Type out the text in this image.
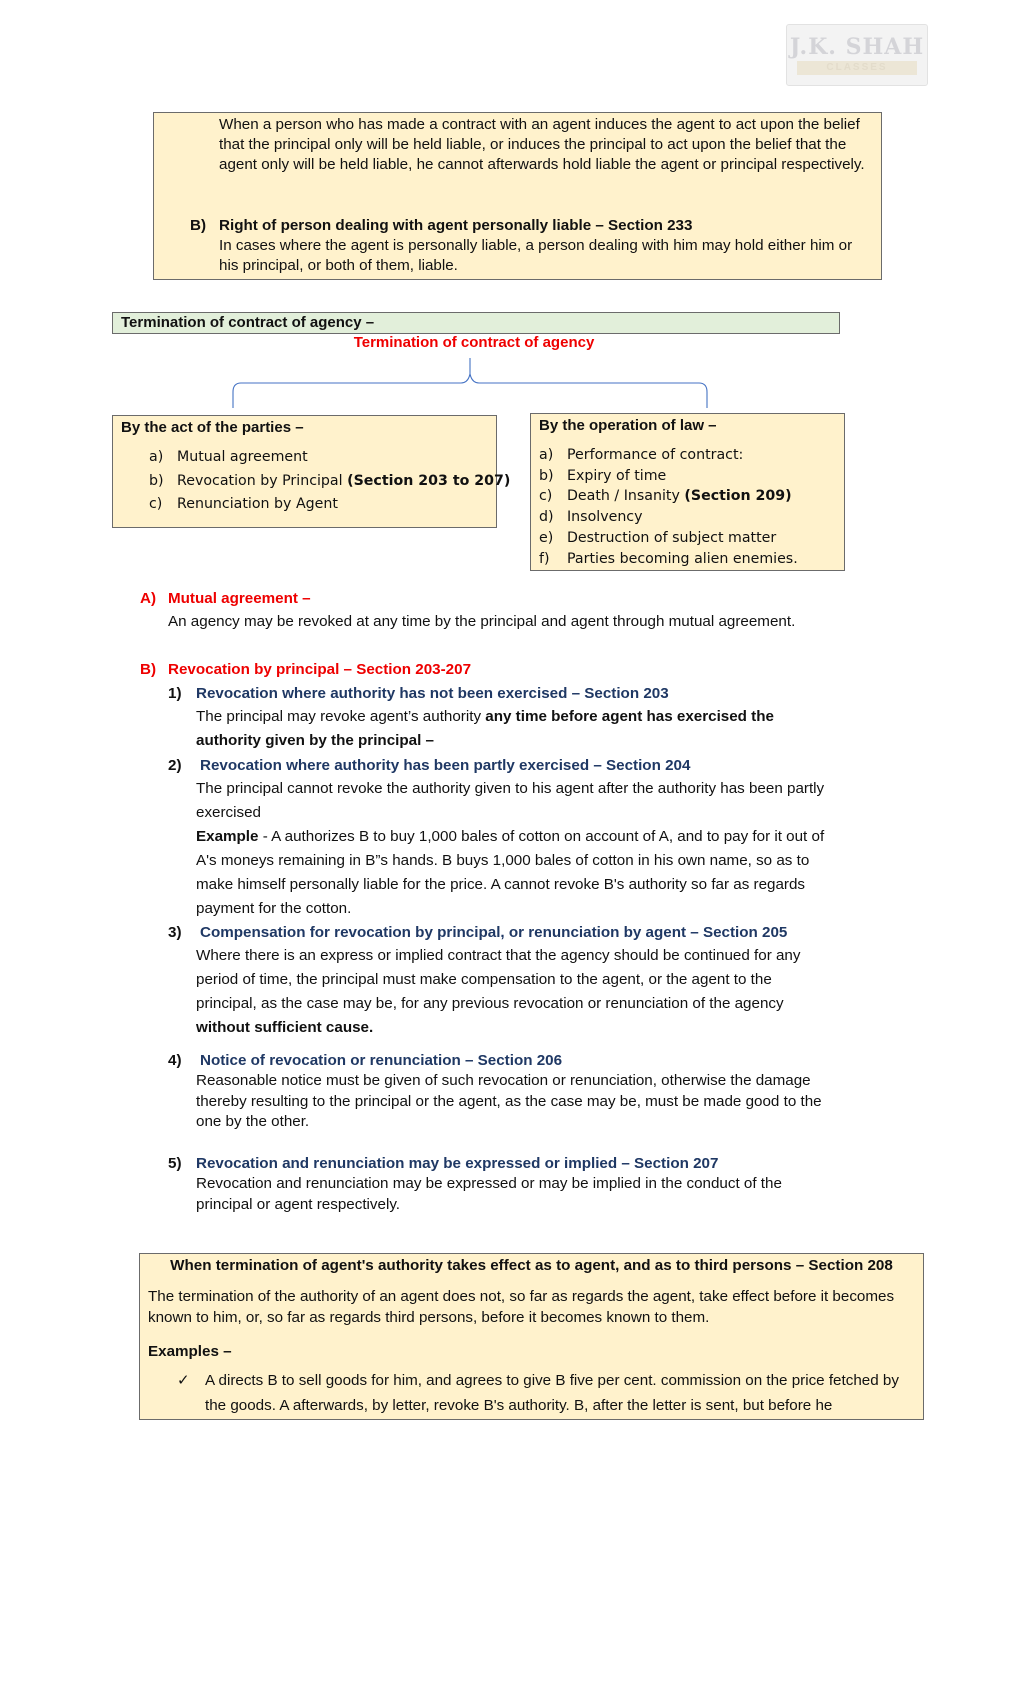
J.K. SHAH
CLASSES
When a person who has made a contract with an agent induces the agent to act upon the belief that the principal only will be held liable, or induces the principal to act upon the belief that the agent only will be held liable, he cannot afterwards hold liable the agent or principal respectively.
B) Right of person dealing with agent personally liable – Section 233
In cases where the agent is personally liable, a person dealing with him may hold either him or his principal, or both of them, liable.
Termination of contract of agency –
Termination of contract of agency
By the act of the parties –
a) Mutual agreement
b) Revocation by Principal (Section 203 to 207)
c) Renunciation by Agent
By the operation of law –
a) Performance of contract:
b) Expiry of time
c) Death / Insanity (Section 209)
d) Insolvency
e) Destruction of subject matter
f) Parties becoming alien enemies.
A) Mutual agreement –
An agency may be revoked at any time by the principal and agent through mutual agreement.
B) Revocation by principal – Section 203-207
1) Revocation where authority has not been exercised – Section 203
The principal may revoke agent’s authority any time before agent has exercised the authority given by the principal –
2) Revocation where authority has been partly exercised – Section 204
The principal cannot revoke the authority given to his agent after the authority has been partly exercised
Example - A authorizes B to buy 1,000 bales of cotton on account of A, and to pay for it out of A's moneys remaining in B”s hands. B buys 1,000 bales of cotton in his own name, so as to make himself personally liable for the price. A cannot revoke B's authority so far as regards payment for the cotton.
3) Compensation for revocation by principal, or renunciation by agent – Section 205
Where there is an express or implied contract that the agency should be continued for any period of time, the principal must make compensation to the agent, or the agent to the principal, as the case may be, for any previous revocation or renunciation of the agency without sufficient cause.
4) Notice of revocation or renunciation – Section 206
Reasonable notice must be given of such revocation or renunciation, otherwise the damage thereby resulting to the principal or the agent, as the case may be, must be made good to the one by the other.
5) Revocation and renunciation may be expressed or implied – Section 207
Revocation and renunciation may be expressed or may be implied in the conduct of the principal or agent respectively.
When termination of agent's authority takes effect as to agent, and as to third persons – Section 208
The termination of the authority of an agent does not, so far as regards the agent, take effect before it becomes known to him, or, so far as regards third persons, before it becomes known to them.
Examples –
✓	A directs B to sell goods for him, and agrees to give B five per cent. commission on the price fetched by the goods. A afterwards, by letter, revoke B's authority. B, after the letter is sent, but before he
